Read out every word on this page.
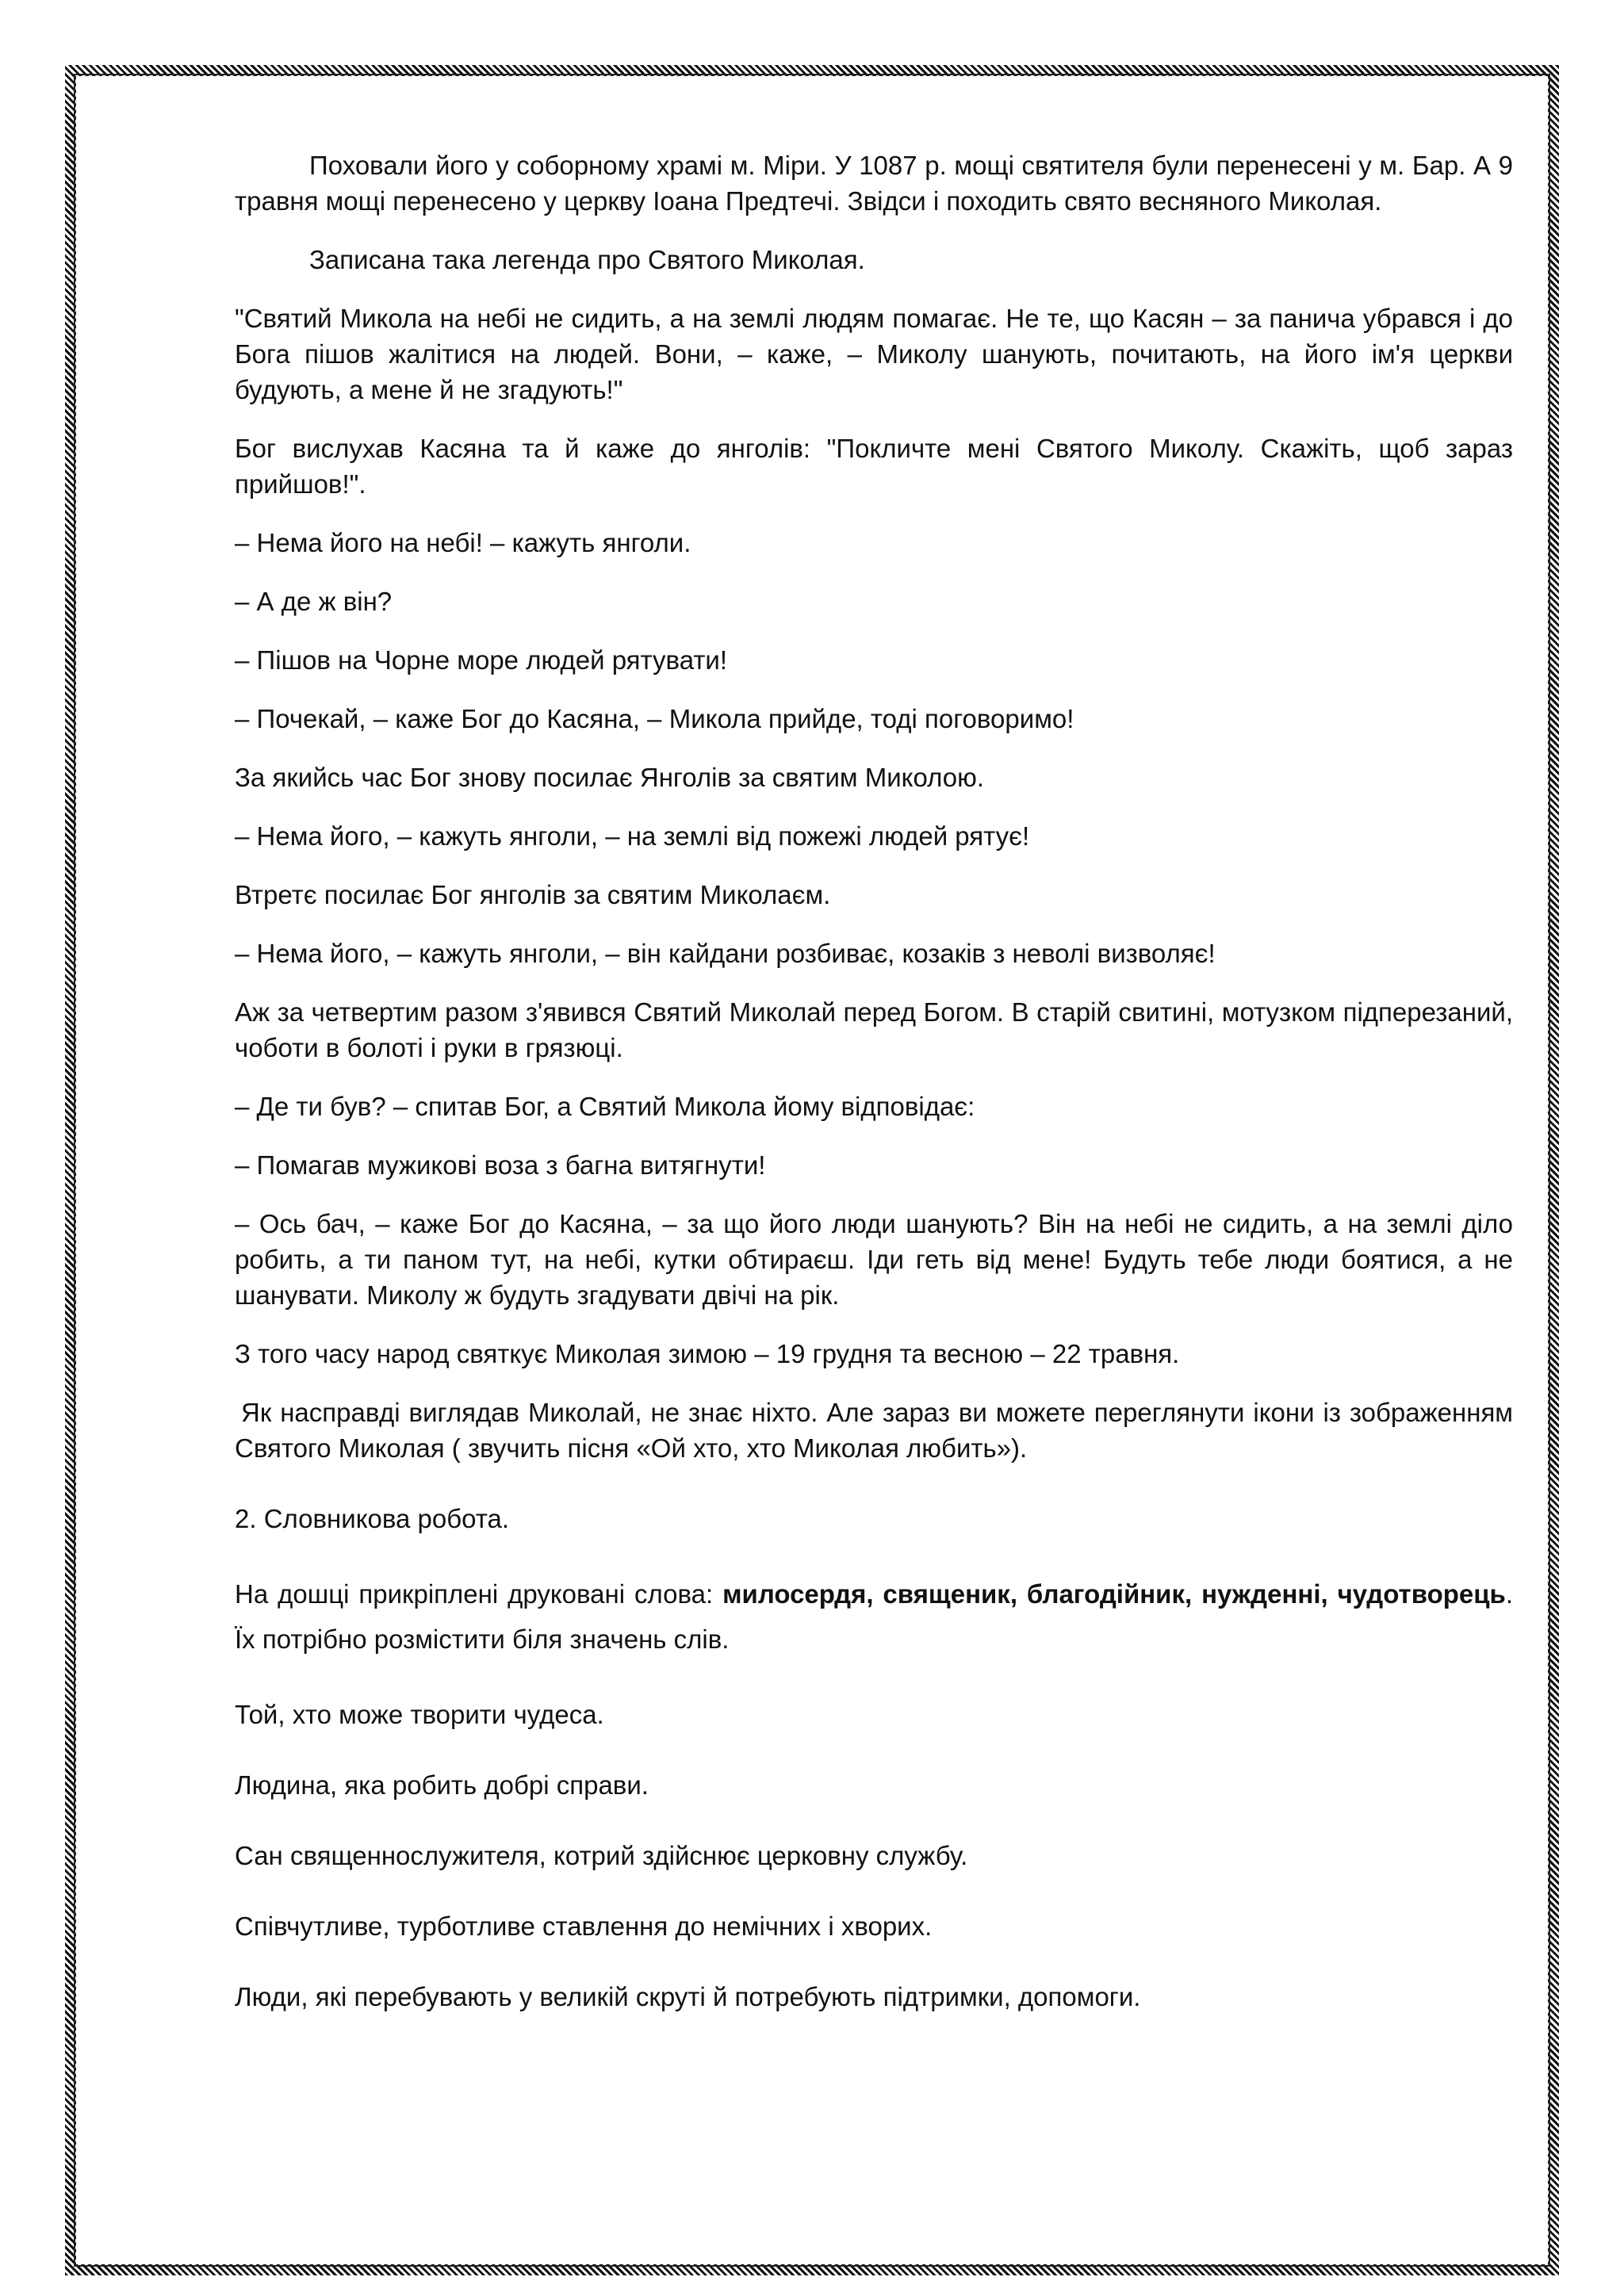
Поховали його у соборному храмі м. Міри. У 1087 р. мощі святителя були перенесені у м. Бар. А 9 травня мощі перенесено у церкву Іоана Предтечі. Звідси і походить свято весняного Миколая.

Записана така легенда про Святого Миколая.

"Святий Микола на небі не сидить, а на землі людям помагає. Не те, що Касян – за панича убрався і до Бога пішов жалітися на людей. Вони, – каже, – Миколу шанують, почитають, на його ім'я церкви будують, а мене й не згадують!"

Бог вислухав Касяна та й каже до янголів: "Покличте мені Святого Миколу. Скажіть, щоб зараз прийшов!".

– Нема його на небі! – кажуть янголи.

– А де ж він?

– Пішов на Чорне море людей рятувати!

– Почекай, – каже Бог до Касяна, – Микола прийде, тоді поговоримо!

За якийсь час Бог знову посилає Янголів за святим Миколою.

– Нема його, – кажуть янголи, – на землі від пожежі людей рятує!

Втретє посилає Бог янголів за святим Миколаєм.

– Нема його, – кажуть янголи, – він кайдани розбиває, козаків з неволі визволяє!

Аж за четвертим разом з'явився Святий Миколай перед Богом. В старій свитині, мотузком підперезаний, чоботи в болоті і руки в грязюці.

– Де ти був? – спитав Бог, а Святий Микола йому відповідає:

– Помагав мужикові воза з багна витягнути!

– Ось бач, – каже Бог до Касяна, – за що його люди шанують? Він на небі не сидить, а на землі діло робить, а ти паном тут, на небі, кутки обтираєш. Іди геть від мене! Будуть тебе люди боятися, а не шанувати. Миколу ж будуть згадувати двічі на рік.

З того часу народ святкує Миколая зимою – 19 грудня та весною – 22 травня.

Як насправді виглядав Миколай, не знає ніхто. Але зараз ви можете переглянути ікони із зображенням Святого Миколая ( звучить пісня «Ой хто, хто Миколая любить»).

2. Словникова робота.

На дошці прикріплені друковані слова: милосердя, священик, благодійник, нужденні, чудотворець. Їх потрібно розмістити біля значень слів.

Той, хто може творити чудеса.

Людина, яка робить добрі справи.

Сан священнослужителя, котрий здійснює церковну службу.

Співчутливе, турботливе ставлення до немічних і хворих.

Люди, які перебувають у великій скруті й потребують підтримки, допомоги.
